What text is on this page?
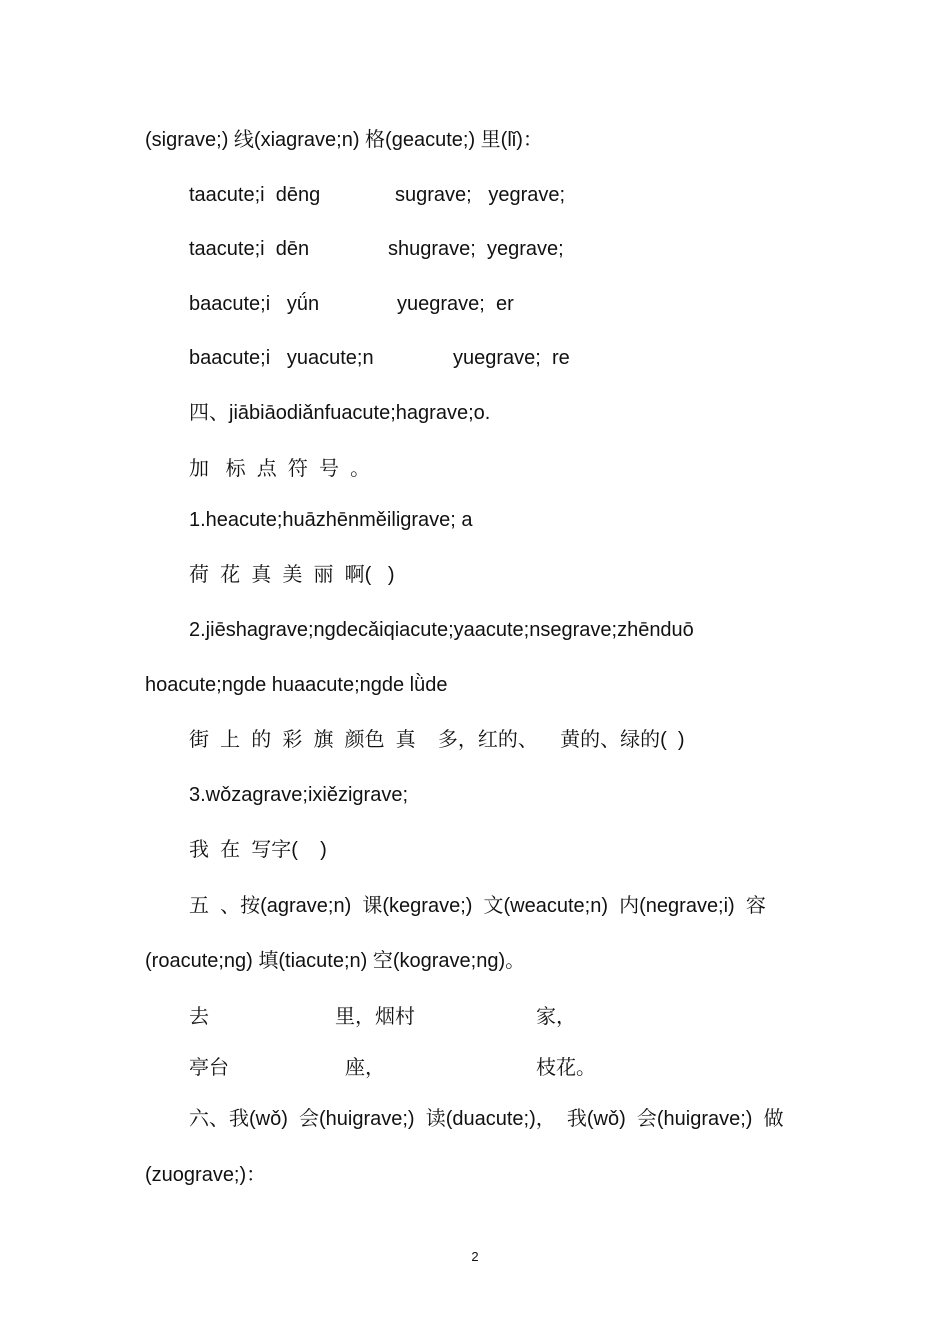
(sigrave;) 线(xiagrave;n) 格(geacute;) 里(lǐ)：
taacute;i  dēng	sugrave;   yegrave;
taacute;i  dēn	shugrave;  yegrave;
baacute;i   yǘn	yuegrave;  er
baacute;i   yuacute;n	yuegrave;  re
四、jiābiāodiǎnfuacute;hagrave;o.
加   标  点  符  号  。
1.heacute;huāzhēnměiligrave; a
荷  花  真  美  丽  啊(   )
2.jiēshagrave;ngdecǎiqiacute;yaacute;nsegrave;zhēnduō
hoacute;ngde huaacute;ngde lǜde
街  上  的  彩  旗  颜色  真    多，红的、    黄的、绿的(  )
3.wǒzagrave;ixiězigrave;
我  在  写字(    )
五  、按(agrave;n)  课(kegrave;)  文(weacute;n)  内(negrave;i)  容
(roacute;ng) 填(tiacute;n) 空(kograve;ng)。
去	里，烟村	家，
亭台	座，	枝花。
六、我(wǒ)  会(huigrave;)  读(duacute;)，  我(wǒ)  会(huigrave;)  做
(zuograve;)：
2
